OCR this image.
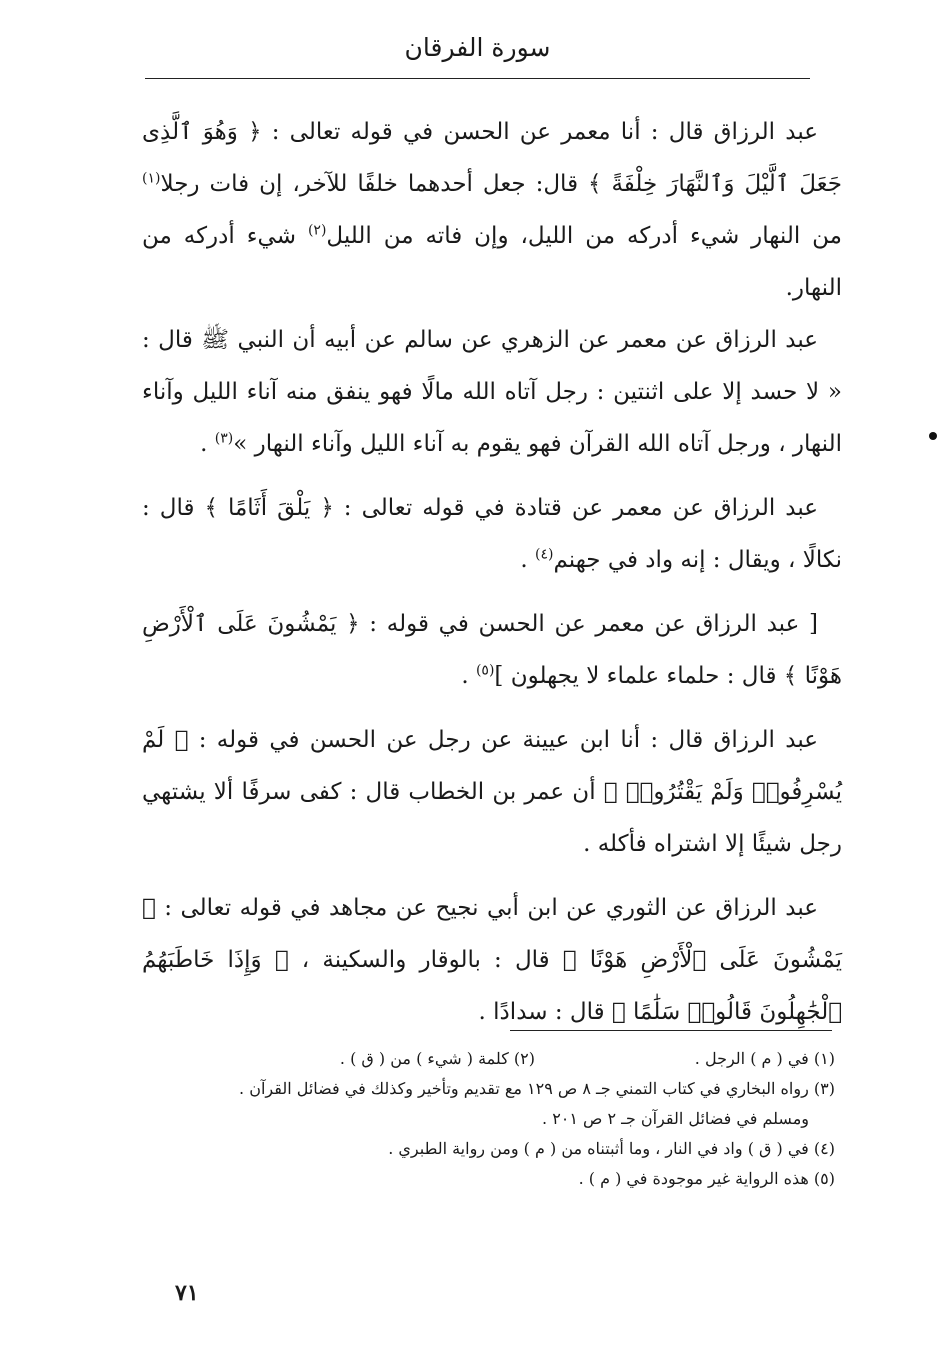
سورة الفرقان

عبد الرزاق قال : أنا معمر عن الحسن في قوله تعالى : ﴿ وَهُوَ ٱلَّذِى جَعَلَ ٱلَّيْلَ وَٱلنَّهَارَ خِلْفَةً ﴾ قال: جعل أحدهما خلفًا للآخر، إن فات رجلا$^{(١)}$ من النهار شيء أدركه من الليل، وإن فاته من الليل$^{(٢)}$ شيء أدركه من النهار.

عبد الرزاق عن معمر عن الزهري عن سالم عن أبيه أن النبي ﷺ قال : « لا حسد إلا على اثنتين : رجل آتاه الله مالًا فهو ينفق منه آناء الليل وآناء النهار ، ورجل آتاه الله القرآن فهو يقوم به آناء الليل وآناء النهار »$^{(٣)}$ .

عبد الرزاق عن معمر عن قتادة في قوله تعالى : ﴿ يَلْقَ أَثَامًا ﴾ قال : نكالًا ، ويقال : إنه واد في جهنم$^{(٤)}$ .

[ عبد الرزاق عن معمر عن الحسن في قوله : ﴿ يَمْشُونَ عَلَى ٱلْأَرْضِ هَوْنًا ﴾ قال : حلماء علماء لا يجهلون ]$^{(٥)}$ .

عبد الرزاق قال : أنا ابن عيينة عن رجل عن الحسن في قوله : ﴿ لَمْ يُسْرِفُوا۟ وَلَمْ يَقْتُرُوا۟ ﴾ أن عمر بن الخطاب قال : كفى سرفًا ألا يشتهي رجل شيئًا إلا اشتراه فأكله .

عبد الرزاق عن الثوري عن ابن أبي نجيح عن مجاهد في قوله تعالى : ﴿ يَمْشُونَ عَلَى ٱلْأَرْضِ هَوْنًا ﴾ قال : بالوقار والسكينة ، ﴿ وَإِذَا خَاطَبَهُمُ ٱلْجَٰهِلُونَ قَالُوا۟ سَلَٰمًا ﴾ قال : سدادًا .

(١) في ( م ) الرجل .
(٢) كلمة ( شيء ) من ( ق ) .

(٣) رواه البخاري في كتاب التمني جـ ٨ ص ١٢٩ مع تقديم وتأخير وكذلك في فضائل القرآن .

ومسلم في فضائل القرآن جـ ٢ ص ٢٠١ .

(٤) في ( ق ) واد في النار ، وما أثبتناه من ( م ) ومن رواية الطبري .

(٥) هذه الرواية غير موجودة في ( م ) .

٧١
